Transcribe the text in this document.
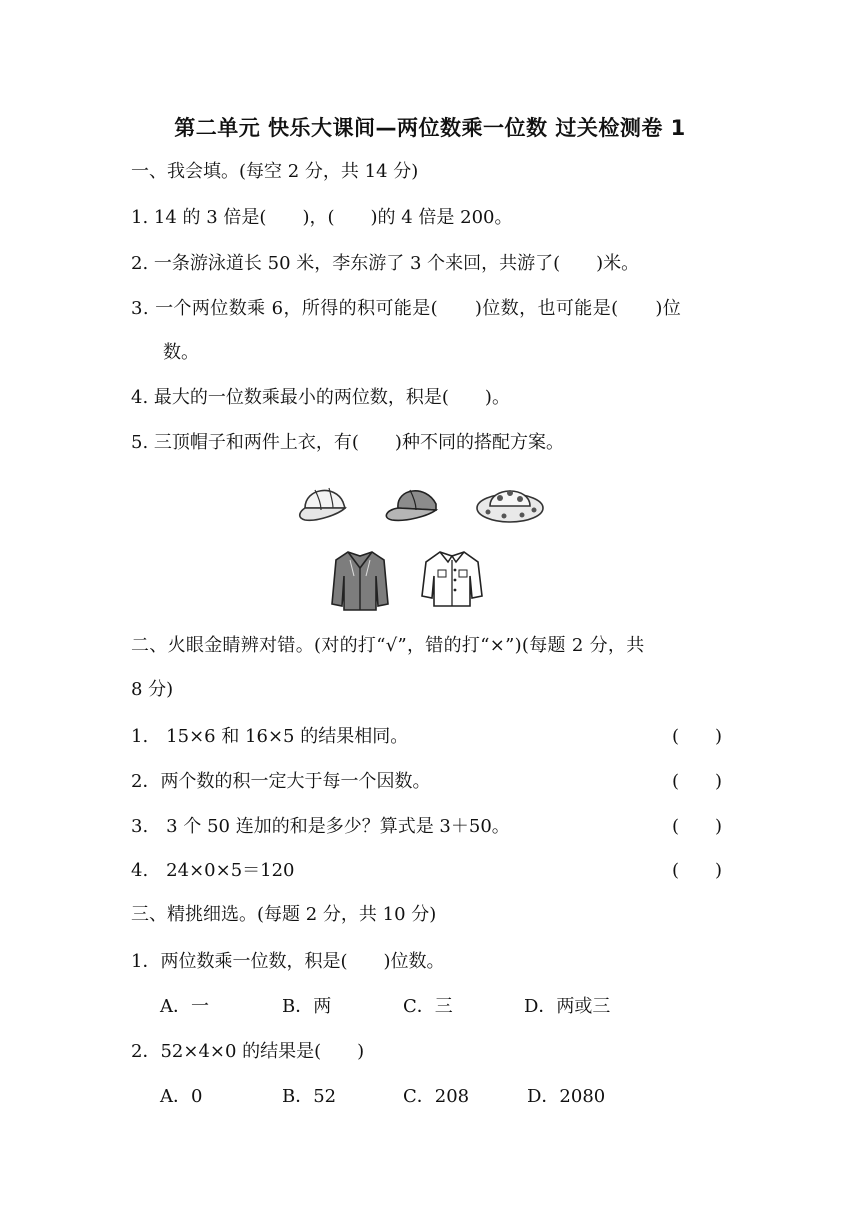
第二单元 快乐大课间—两位数乘一位数 过关检测卷 1
一、我会填。(每空 2 分，共 14 分)
1. 14 的 3 倍是(　　)，(　　)的 4 倍是 200。
2. 一条游泳道长 50 米，李东游了 3 个来回，共游了(　　)米。
3. 一个两位数乘 6，所得的积可能是(　　)位数，也可能是(　　)位
数。
4. 最大的一位数乘最小的两位数，积是(　　)。
5. 三顶帽子和两件上衣，有(　　)种不同的搭配方案。
二、火眼金睛辨对错。(对的打“√”，错的打“×”)(每题 2 分，共
8 分)
1.　15×6 和 16×5 的结果相同。	(　　)
2．两个数的积一定大于每一个因数。	(　　)
3.　3 个 50 连加的和是多少？算式是 3＋50。	(　　)
4.　24×0×5＝120	(　　)
三、精挑细选。(每题 2 分，共 10 分)
1．两位数乘一位数，积是(　　)位数。
A．一	B．两	C．三	D．两或三
2．52×4×0 的结果是(　　)
A．0	B．52	C．208	D．2080
